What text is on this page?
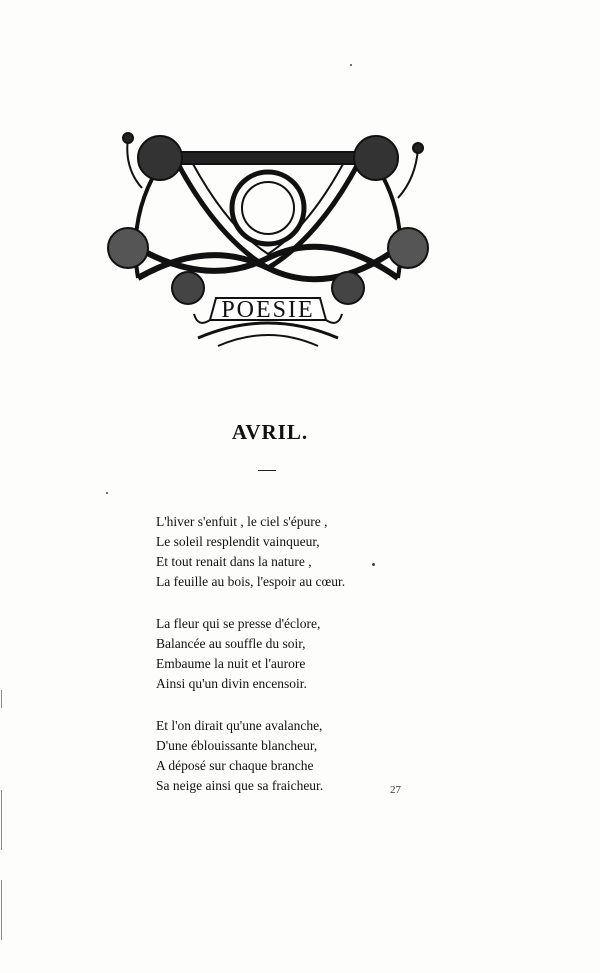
POESIE
AVRIL.
L'hiver s'enfuit , le ciel s'épure ,
Le soleil resplendit vainqueur,
Et tout renait dans la nature ,
La feuille au bois, l'espoir au cœur.
La fleur qui se presse d'éclore,
Balancée au souffle du soir,
Embaume la nuit et l'aurore
Ainsi qu'un divin encensoir.
Et l'on dirait qu'une avalanche,
D'une éblouissante blancheur,
A déposé sur chaque branche
Sa neige ainsi que sa fraicheur.	27
